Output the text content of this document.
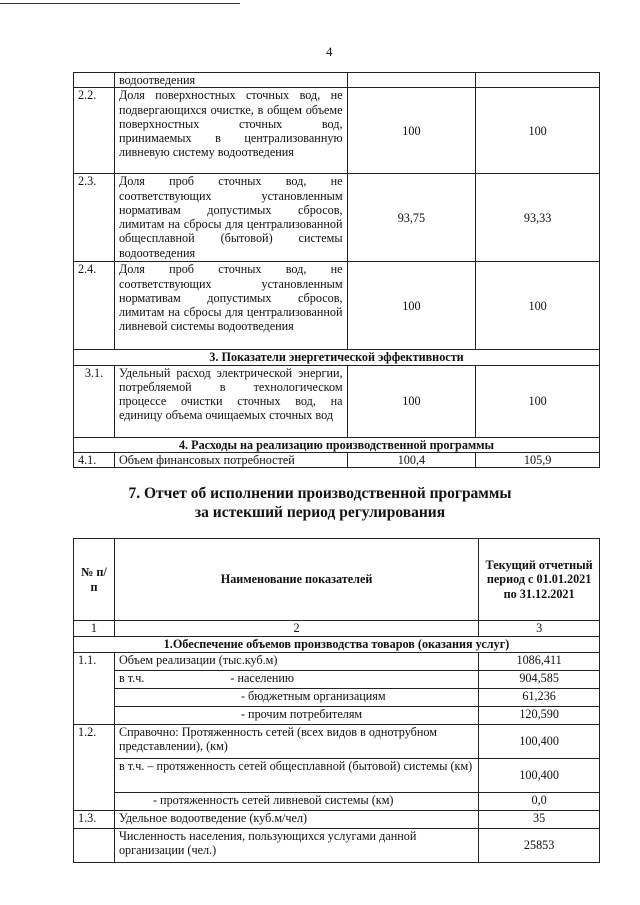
4
	водоотведения		
2.2.	Доля поверхностных сточных вод, не подвергающихся очистке, в общем объеме поверхностных сточных вод, принимаемых в централизованную ливневую систему водоотведения	100	100
2.3.	Доля проб сточных вод, не соответствующих установленным нормативам допустимых сбросов, лимитам на сбросы для централизованной общесплавной (бытовой) системы водоотведения	93,75	93,33
2.4.	Доля проб сточных вод, не соответствующих установленным нормативам допустимых сбросов, лимитам на сбросы для централизованной ливневой системы водоотведения	100	100
3. Показатели энергетической эффективности			
3.1.	Удельный расход электрической энергии, потребляемой в технологическом процессе очистки сточных вод, на единицу объема очищаемых сточных вод	100	100
4. Расходы на реализацию производственной программы			
4.1.	Объем финансовых потребностей	100,4	105,9
7. Отчет об исполнении производственной программы
за истекший период регулирования
№ п/п	Наименование показателей	Текущий отчетный период с 01.01.2021 по 31.12.2021
1	2	3
1.Обеспечение объемов производства товаров (оказания услуг)		
1.1.	Объем реализации (тыс.куб.м)	1086,411
	в т.ч. - населению	904,585
	- бюджетным организациям	61,236
	- прочим потребителям	120,590
1.2.	Справочно: Протяженность сетей (всех видов в однотрубном представлении), (км)	100,400
	в т.ч. – протяженность сетей общесплавной (бытовой) системы (км)	100,400
	- протяженность сетей ливневой системы (км)	0,0
1.3.	Удельное водоотведение (куб.м/чел)	35
	Численность населения, пользующихся услугами данной организации (чел.)	25853
